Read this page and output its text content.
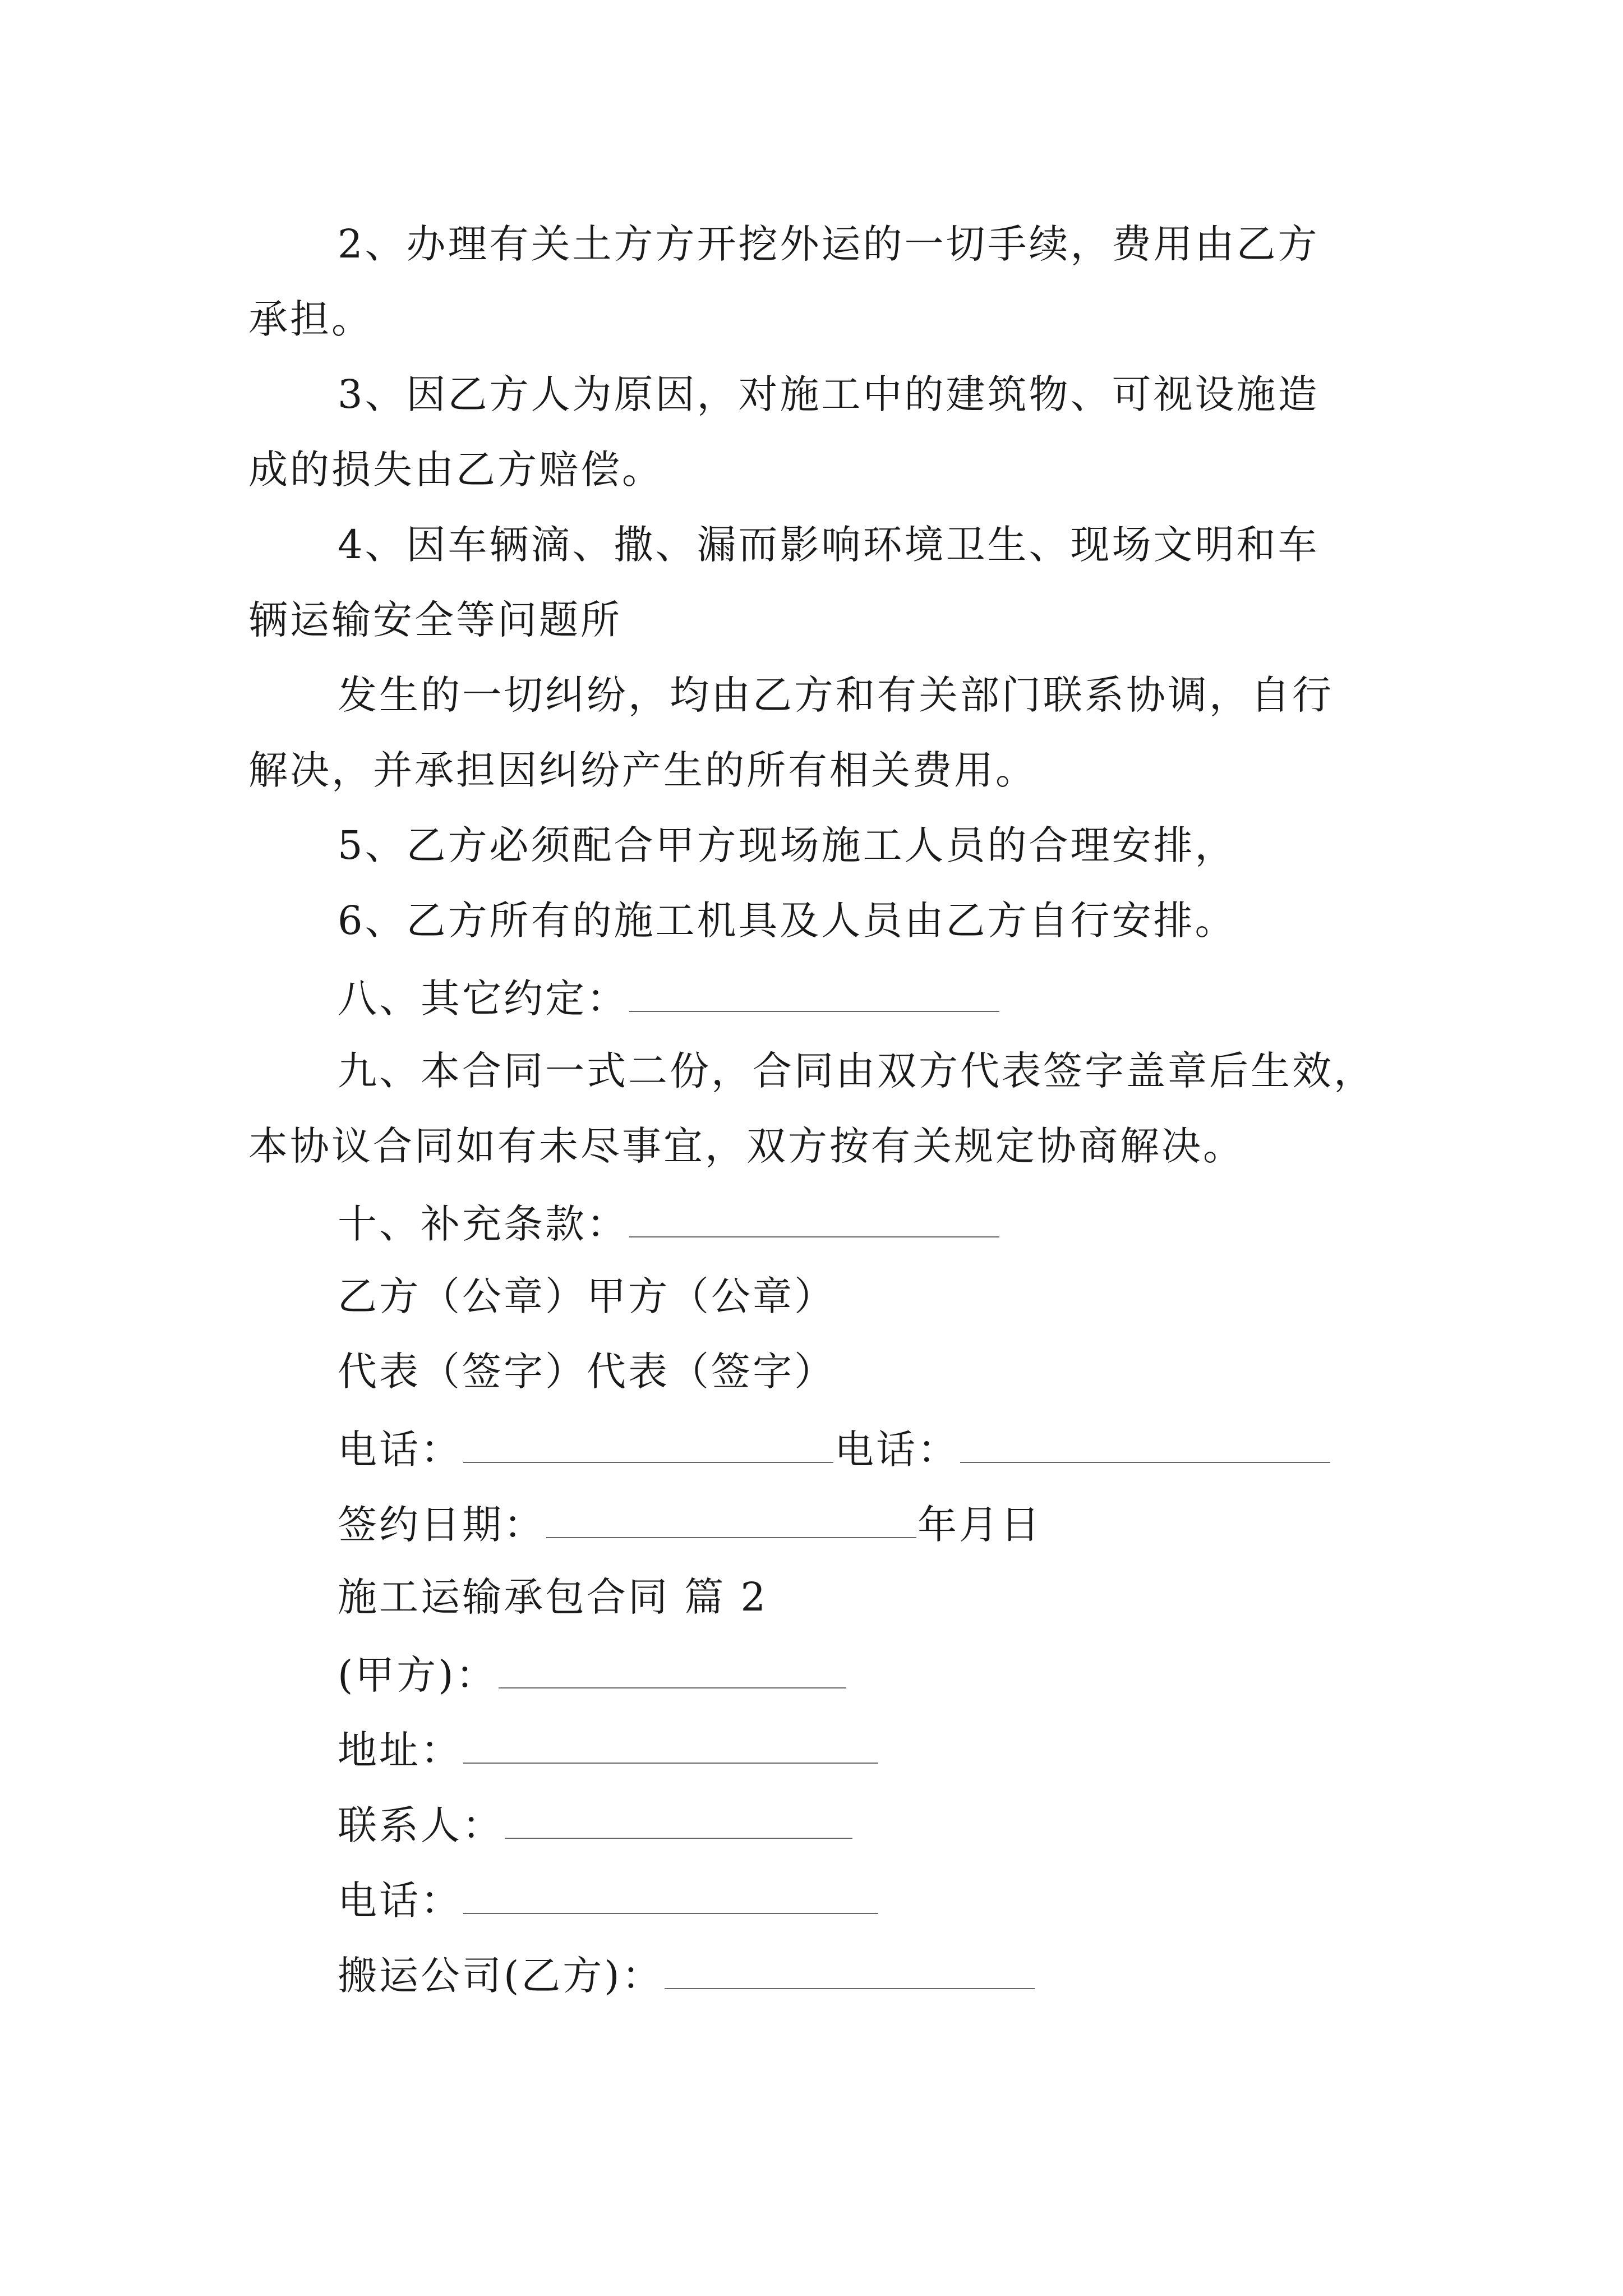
2、办理有关土方方开挖外运的一切手续，费用由乙方
承担。
3、因乙方人为原因，对施工中的建筑物、可视设施造
成的损失由乙方赔偿。
4、因车辆滴、撒、漏而影响环境卫生、现场文明和车
辆运输安全等问题所
发生的一切纠纷，均由乙方和有关部门联系协调，自行
解决，并承担因纠纷产生的所有相关费用。
5、乙方必须配合甲方现场施工人员的合理安排，
6、乙方所有的施工机具及人员由乙方自行安排。
八、其它约定：
九、本合同一式二份，合同由双方代表签字盖章后生效，
本协议合同如有未尽事宜，双方按有关规定协商解决。
十、补充条款：
乙方（公章）甲方（公章）
代表（签字）代表（签字）
电话：	电话：
签约日期：	年月日
施工运输承包合同 篇 2
(甲方)：
地址：
联系人：
电话：
搬运公司(乙方)：
